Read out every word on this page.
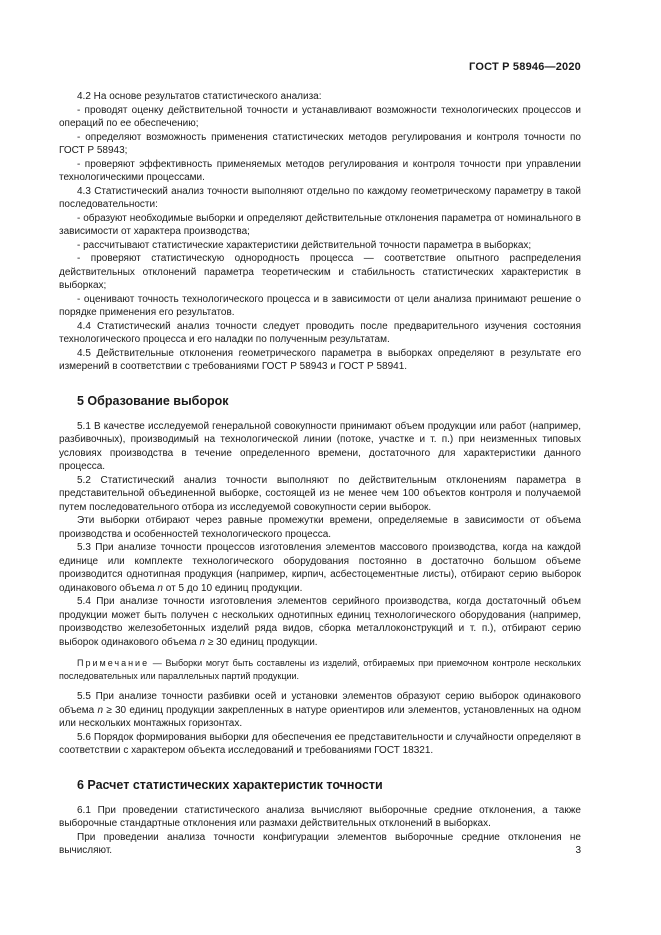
ГОСТ Р 58946—2020

4.2 На основе результатов статистического анализа:

- проводят оценку действительной точности и устанавливают возможности технологических процессов и операций по ее обеспечению;

- определяют возможность применения статистических методов регулирования и контроля точности по ГОСТ Р 58943;

- проверяют эффективность применяемых методов регулирования и контроля точности при управлении технологическими процессами.

4.3 Статистический анализ точности выполняют отдельно по каждому геометрическому параметру в такой последовательности:

- образуют необходимые выборки и определяют действительные отклонения параметра от номинального в зависимости от характера производства;

- рассчитывают статистические характеристики действительной точности параметра в выборках;

- проверяют статистическую однородность процесса — соответствие опытного распределения действительных отклонений параметра теоретическим и стабильность статистических характеристик в выборках;

- оценивают точность технологического процесса и в зависимости от цели анализа принимают решение о порядке применения его результатов.

4.4 Статистический анализ точности следует проводить после предварительного изучения состояния технологического процесса и его наладки по полученным результатам.

4.5 Действительные отклонения геометрического параметра в выборках определяют в результате его измерений в соответствии с требованиями ГОСТ Р 58943 и ГОСТ Р 58941.

5 Образование выборок

5.1 В качестве исследуемой генеральной совокупности принимают объем продукции или работ (например, разбивочных), производимый на технологической линии (потоке, участке и т. п.) при неизменных типовых условиях производства в течение определенного времени, достаточного для характеристики данного процесса.

5.2 Статистический анализ точности выполняют по действительным отклонениям параметра в представительной объединенной выборке, состоящей из не менее чем 100 объектов контроля и получаемой путем последовательного отбора из исследуемой совокупности серии выборок.

Эти выборки отбирают через равные промежутки времени, определяемые в зависимости от объема производства и особенностей технологического процесса.

5.3 При анализе точности процессов изготовления элементов массового производства, когда на каждой единице или комплекте технологического оборудования постоянно в достаточно большом объеме производится однотипная продукция (например, кирпич, асбестоцементные листы), отбирают серию выборок одинакового объема n от 5 до 10 единиц продукции.

5.4 При анализе точности изготовления элементов серийного производства, когда достаточный объем продукции может быть получен с нескольких однотипных единиц технологического оборудования (например, производство железобетонных изделий ряда видов, сборка металлоконструкций и т. п.), отбирают серию выборок одинакового объема n ≥ 30 единиц продукции.

Примечание — Выборки могут быть составлены из изделий, отбираемых при приемочном контроле нескольких последовательных или параллельных партий продукции.

5.5 При анализе точности разбивки осей и установки элементов образуют серию выборок одинакового объема n ≥ 30 единиц продукции закрепленных в натуре ориентиров или элементов, установленных на одном или нескольких монтажных горизонтах.

5.6 Порядок формирования выборки для обеспечения ее представительности и случайности определяют в соответствии с характером объекта исследований и требованиями ГОСТ 18321.

6 Расчет статистических характеристик точности

6.1 При проведении статистического анализа вычисляют выборочные средние отклонения, а также выборочные стандартные отклонения или размахи действительных отклонений в выборках.

При проведении анализа точности конфигурации элементов выборочные средние отклонения не вычисляют.	3
